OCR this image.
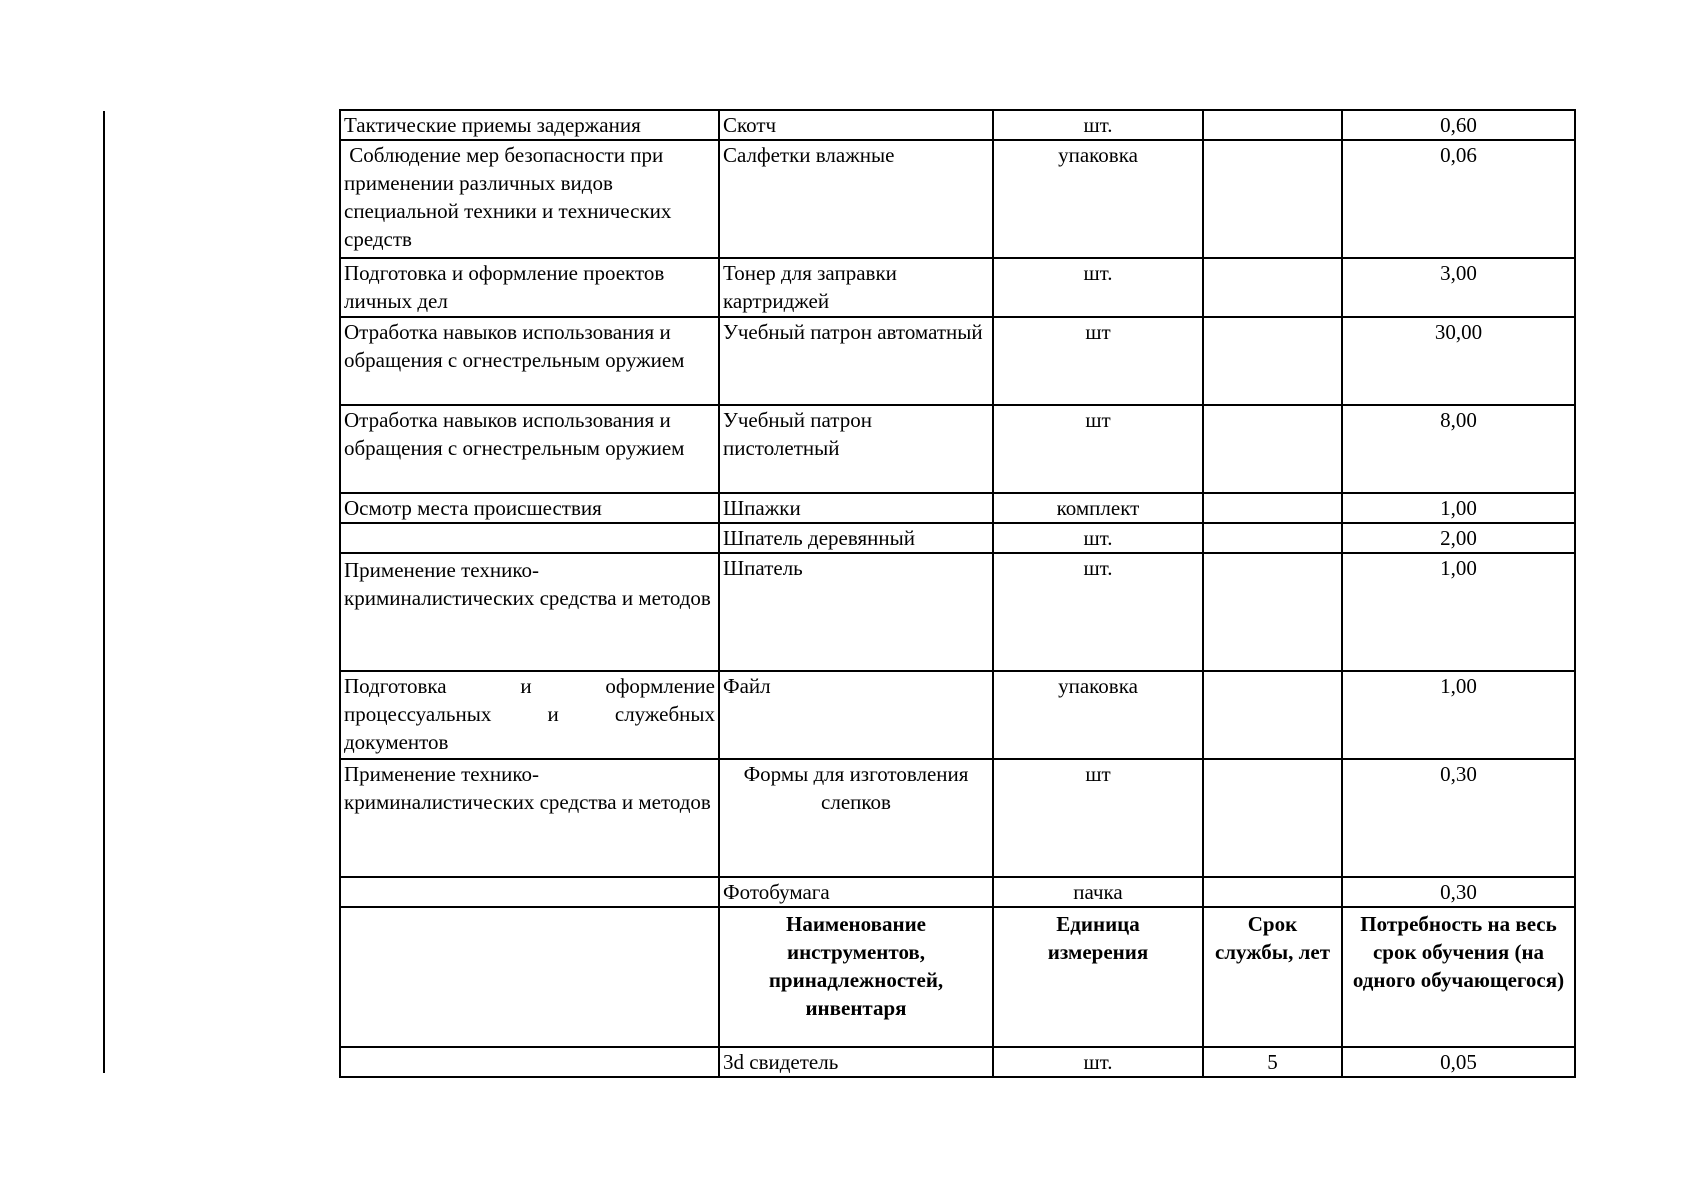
Тактические приемы задержания	Скотч	шт.		0,60
Соблюдение мер безопасности при применении различных видов специальной техники и технических средств	Салфетки влажные	упаковка		0,06
Подготовка и оформление проектов личных дел	Тонер для заправки картриджей	шт.		3,00
Отработка навыков использования и обращения с огнестрельным оружием	Учебный патрон автоматный	шт		30,00
Отработка навыков использования и обращения с огнестрельным оружием	Учебный патрон пистолетный	шт		8,00
Осмотр места происшествия	Шпажки	комплект		1,00
	Шпатель деревянный	шт.		2,00
Применение технико-криминалистических средства и методов	Шпатель	шт.		1,00
Подготовка и оформление процессуальных и служебных документов	Файл	упаковка		1,00
Применение технико-криминалистических средства и методов	Формы для изготовления слепков	шт		0,30
	Фотобумага	пачка		0,30
	Наименование инструментов, принадлежностей, инвентаря	Единица измерения	Срок службы, лет	Потребность на весь срок обучения (на одного обучающегося)
	3d свидетель	шт.	5	0,05
